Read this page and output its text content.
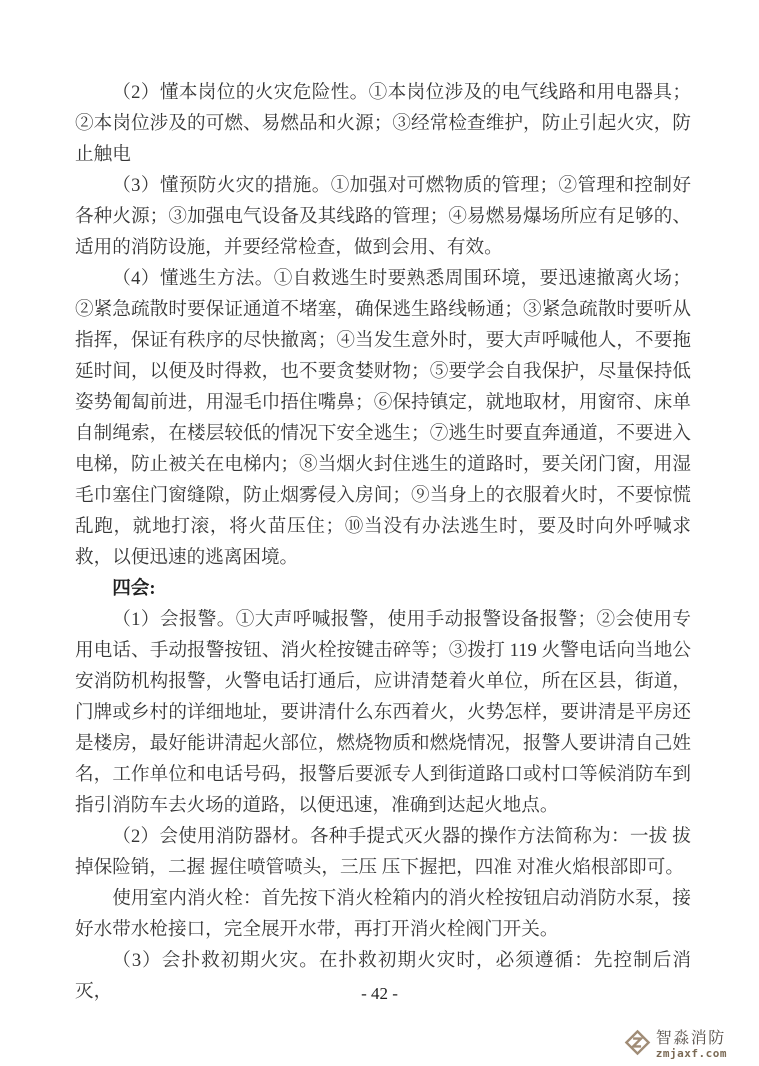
（2）懂本岗位的火灾危险性。①本岗位涉及的电气线路和用电器具；②本岗位涉及的可燃、易燃品和火源；③经常检查维护，防止引起火灾，防止触电
（3）懂预防火灾的措施。①加强对可燃物质的管理；②管理和控制好各种火源；③加强电气设备及其线路的管理；④易燃易爆场所应有足够的、适用的消防设施，并要经常检查，做到会用、有效。
（4）懂逃生方法。①自救逃生时要熟悉周围环境，要迅速撤离火场；②紧急疏散时要保证通道不堵塞，确保逃生路线畅通；③紧急疏散时要听从指挥，保证有秩序的尽快撤离；④当发生意外时，要大声呼喊他人，不要拖延时间，以便及时得救，也不要贪婪财物；⑤要学会自我保护，尽量保持低姿势匍匐前进，用湿毛巾捂住嘴鼻；⑥保持镇定，就地取材，用窗帘、床单自制绳索，在楼层较低的情况下安全逃生；⑦逃生时要直奔通道，不要进入电梯，防止被关在电梯内；⑧当烟火封住逃生的道路时，要关闭门窗，用湿毛巾塞住门窗缝隙，防止烟雾侵入房间；⑨当身上的衣服着火时，不要惊慌乱跑，就地打滚，将火苗压住；⑩当没有办法逃生时，要及时向外呼喊求救，以便迅速的逃离困境。
四会:
（1）会报警。①大声呼喊报警，使用手动报警设备报警；②会使用专用电话、手动报警按钮、消火栓按键击碎等；③拨打 119 火警电话向当地公安消防机构报警，火警电话打通后，应讲清楚着火单位，所在区县，街道，门牌或乡村的详细地址，要讲清什么东西着火，火势怎样，要讲清是平房还是楼房，最好能讲清起火部位，燃烧物质和燃烧情况，报警人要讲清自己姓名，工作单位和电话号码，报警后要派专人到街道路口或村口等候消防车到指引消防车去火场的道路，以便迅速，准确到达起火地点。
（2）会使用消防器材。各种手提式灭火器的操作方法简称为：一拔 拔掉保险销，二握 握住喷管喷头，三压 压下握把，四准 对准火焰根部即可。
使用室内消火栓：首先按下消火栓箱内的消火栓按钮启动消防水泵，接好水带水枪接口，完全展开水带，再打开消火栓阀门开关。
（3）会扑救初期火灾。在扑救初期火灾时，必须遵循：先控制后消灭，	- 42 -
智淼消防
zmjaxf.com
